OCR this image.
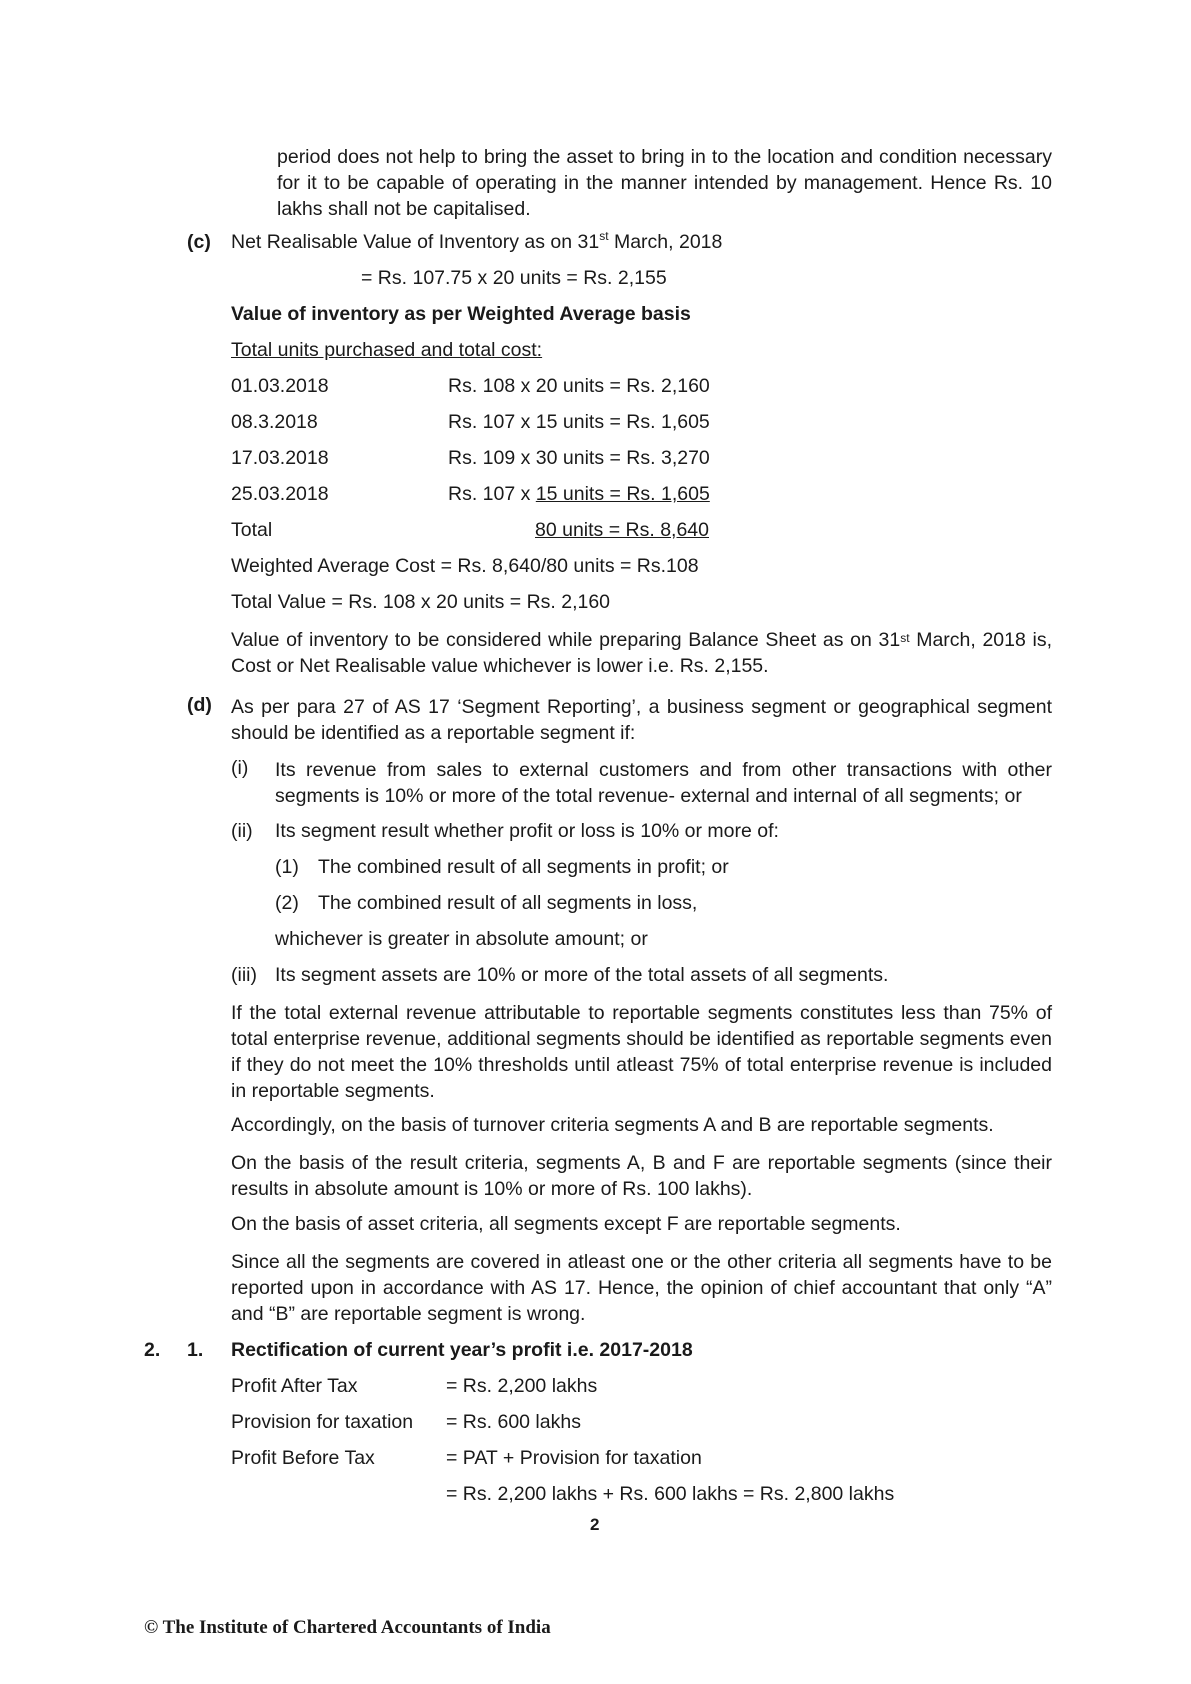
period does not help to bring the asset to bring in to the location and condition necessary for it to be capable of operating in the manner intended by management. Hence Rs. 10 lakhs shall not be capitalised.
(c) Net Realisable Value of Inventory as on 31st March, 2018
= Rs. 107.75 x 20 units = Rs. 2,155
Value of inventory as per Weighted Average basis
Total units purchased and total cost:
01.03.2018	Rs. 108 x 20 units = Rs. 2,160
08.3.2018	Rs. 107 x 15 units = Rs. 1,605
17.03.2018	Rs. 109 x 30 units = Rs. 3,270
25.03.2018	Rs. 107 x 15 units = Rs. 1,605
Total	80 units = Rs. 8,640
Weighted Average Cost = Rs. 8,640/80 units = Rs.108
Total Value = Rs. 108 x 20 units = Rs. 2,160
Value of inventory to be considered while preparing Balance Sheet as on 31st March, 2018 is, Cost or Net Realisable value whichever is lower i.e. Rs. 2,155.
(d) As per para 27 of AS 17 ‘Segment Reporting’, a business segment or geographical segment should be identified as a reportable segment if:
(i) Its revenue from sales to external customers and from other transactions with other segments is 10% or more of the total revenue- external and internal of all segments; or
(ii) Its segment result whether profit or loss is 10% or more of:
(1) The combined result of all segments in profit; or
(2) The combined result of all segments in loss,
whichever is greater in absolute amount; or
(iii) Its segment assets are 10% or more of the total assets of all segments.
If the total external revenue attributable to reportable segments constitutes less than 75% of total enterprise revenue, additional segments should be identified as reportable segments even if they do not meet the 10% thresholds until atleast 75% of total enterprise revenue is included in reportable segments.
Accordingly, on the basis of turnover criteria segments A and B are reportable segments.
On the basis of the result criteria, segments A, B and F are reportable segments (since their results in absolute amount is 10% or more of Rs. 100 lakhs).
On the basis of asset criteria, all segments except F are reportable segments.
Since all the segments are covered in atleast one or the other criteria all segments have to be reported upon in accordance with AS 17. Hence, the opinion of chief accountant that only “A” and “B” are reportable segment is wrong.
2. 1. Rectification of current year’s profit i.e. 2017-2018
Profit After Tax	= Rs. 2,200 lakhs
Provision for taxation = Rs. 600 lakhs
Profit Before Tax	= PAT + Provision for taxation
= Rs. 2,200 lakhs + Rs. 600 lakhs = Rs. 2,800 lakhs
2
© The Institute of Chartered Accountants of India
